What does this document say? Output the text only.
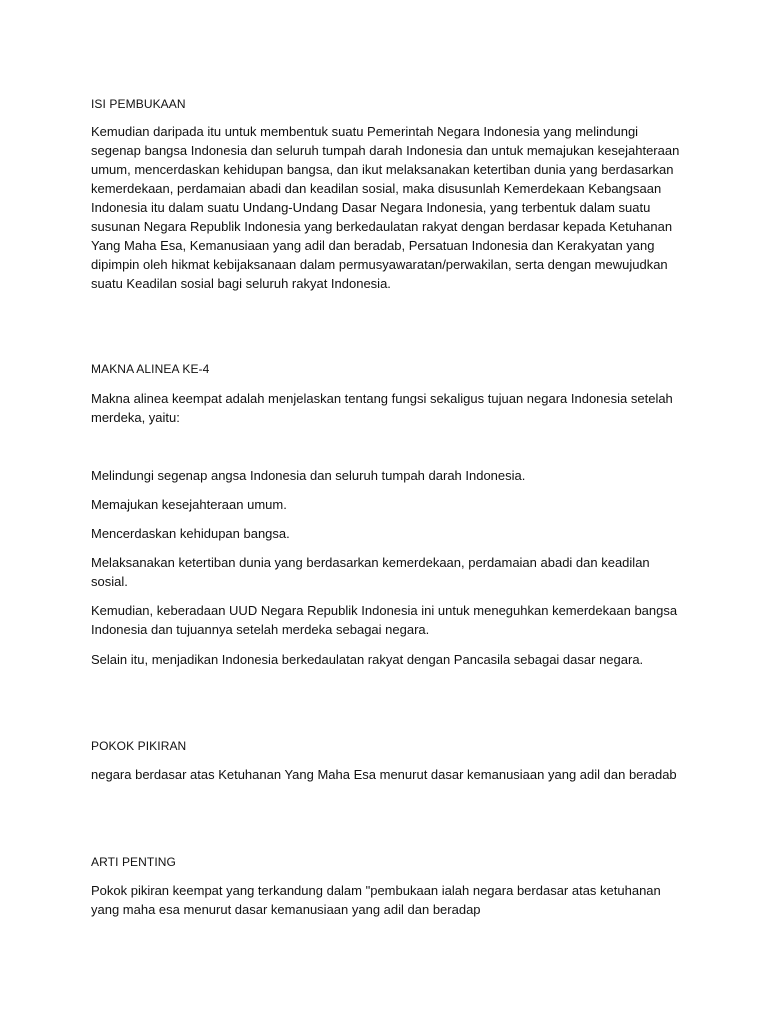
ISI PEMBUKAAN

Kemudian daripada itu untuk membentuk suatu Pemerintah Negara Indonesia yang melindungi segenap bangsa Indonesia dan seluruh tumpah darah Indonesia dan untuk memajukan kesejahteraan umum, mencerdaskan kehidupan bangsa, dan ikut melaksanakan ketertiban dunia yang berdasarkan kemerdekaan, perdamaian abadi dan keadilan sosial, maka disusunlah Kemerdekaan Kebangsaan Indonesia itu dalam suatu Undang-Undang Dasar Negara Indonesia, yang terbentuk dalam suatu susunan Negara Republik Indonesia yang berkedaulatan rakyat dengan berdasar kepada Ketuhanan Yang Maha Esa, Kemanusiaan yang adil dan beradab, Persatuan Indonesia dan Kerakyatan yang dipimpin oleh hikmat kebijaksanaan dalam permusyawaratan/perwakilan, serta dengan mewujudkan suatu Keadilan sosial bagi seluruh rakyat Indonesia.

MAKNA ALINEA KE-4

Makna alinea keempat adalah menjelaskan tentang fungsi sekaligus tujuan negara Indonesia setelah merdeka, yaitu:

Melindungi segenap angsa Indonesia dan seluruh tumpah darah Indonesia.

Memajukan kesejahteraan umum.

Mencerdaskan kehidupan bangsa.

Melaksanakan ketertiban dunia yang berdasarkan kemerdekaan, perdamaian abadi dan keadilan sosial.

Kemudian, keberadaan UUD Negara Republik Indonesia ini untuk meneguhkan kemerdekaan bangsa Indonesia dan tujuannya setelah merdeka sebagai negara.

Selain itu, menjadikan Indonesia berkedaulatan rakyat dengan Pancasila sebagai dasar negara.

POKOK PIKIRAN

negara berdasar atas Ketuhanan Yang Maha Esa menurut dasar kemanusiaan yang adil dan beradab

ARTI PENTING

Pokok pikiran keempat yang terkandung dalam "pembukaan ialah negara berdasar atas ketuhanan yang maha esa menurut dasar kemanusiaan yang adil dan beradap
